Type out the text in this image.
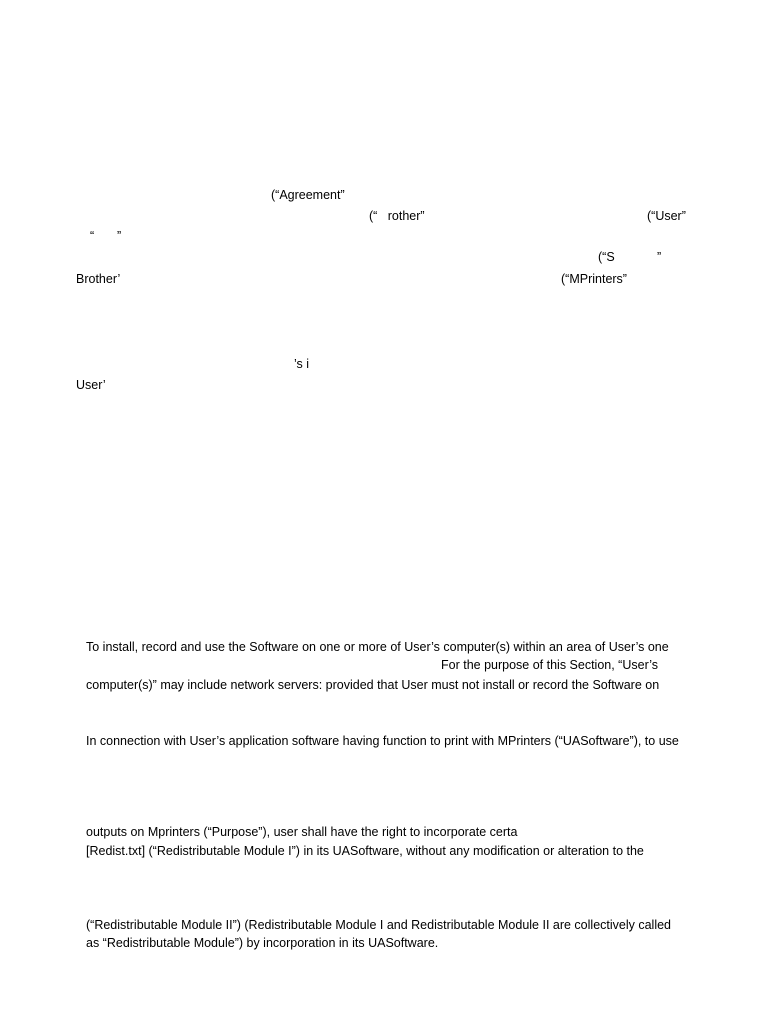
(“Agreement”
(“   rother”	(“User”
“ ”
(“S	”
Brother’	(“MPrinters”
’s i
User’
To install, record and use the Software on one or more of User’s computer(s) within an area of User’s one
For the purpose of this Section, “User’s
computer(s)” may include network servers: provided that User must not install or record the Software on
In connection with User’s application software having function to print with MPrinters (“UASoftware”), to use
outputs on Mprinters (“Purpose”), user shall have the right to incorporate certa
[Redist.txt] (“Redistributable Module I”) in its UASoftware, without any modification or alteration to the
(“Redistributable Module II”) (Redistributable Module I and Redistributable Module II are collectively called
as “Redistributable Module”) by incorporation in its UASoftware.
